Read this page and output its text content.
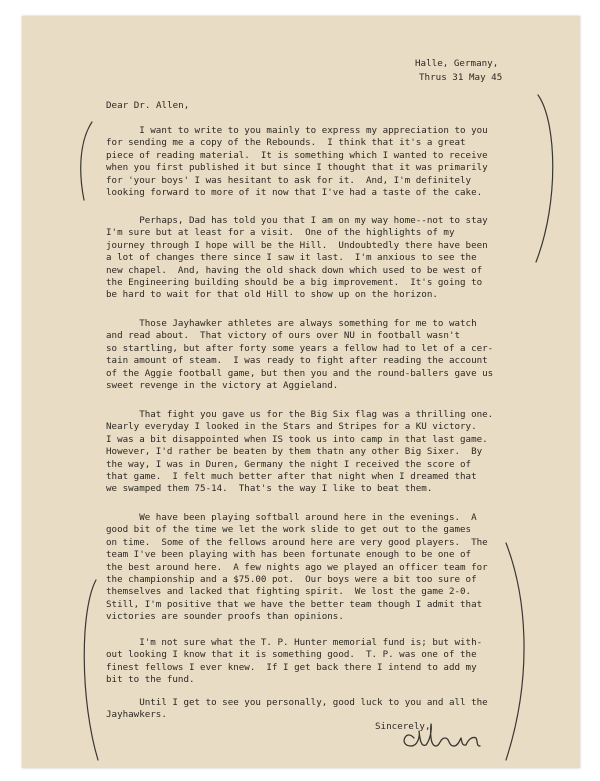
Halle, Germany,
Thrus 31 May 45
Dear Dr. Allen,
I want to write to you mainly to express my appreciation to you
for sending me a copy of the Rebounds.  I think that it's a great
piece of reading material.  It is something which I wanted to receive
when you first published it but since I thought that it was primarily
for 'your boys' I was hesitant to ask for it.  And, I'm definitely
looking forward to more of it now that I've had a taste of the cake.
Perhaps, Dad has told you that I am on my way home--not to stay
I'm sure but at least for a visit.  One of the highlights of my
journey through I hope will be the Hill.  Undoubtedly there have been
a lot of changes there since I saw it last.  I'm anxious to see the
new chapel.  And, having the old shack down which used to be west of
the Engineering building should be a big improvement.  It's going to
be hard to wait for that old Hill to show up on the horizon.
Those Jayhawker athletes are always something for me to watch
and read about.  That victory of ours over NU in football wasn't
so startling, but after forty some years a fellow had to let of a cer-
tain amount of steam.  I was ready to fight after reading the account
of the Aggie football game, but then you and the round-ballers gave us
sweet revenge in the victory at Aggieland.
That fight you gave us for the Big Six flag was a thrilling one.
Nearly everyday I looked in the Stars and Stripes for a KU victory.
I was a bit disappointed when IS took us into camp in that last game.
However, I'd rather be beaten by them thatn any other Big Sixer.  By
the way, I was in Duren, Germany the night I received the score of
that game.  I felt much better after that night when I dreamed that
we swamped them 75-14.  That's the way I like to beat them.
We have been playing softball around here in the evenings.  A
good bit of the time we let the work slide to get out to the games
on time.  Some of the fellows around here are very good players.  The
team I've been playing with has been fortunate enough to be one of
the best around here.  A few nights ago we played an officer team for
the championship and a $75.00 pot.  Our boys were a bit too sure of
themselves and lacked that fighting spirit.  We lost the game 2-0.
Still, I'm positive that we have the better team though I admit that
victories are sounder proofs than opinions.
I'm not sure what the T. P. Hunter memorial fund is; but with-
out looking I know that it is something good.  T. P. was one of the
finest fellows I ever knew.  If I get back there I intend to add my
bit to the fund.
Until I get to see you personally, good luck to you and all the
Jayhawkers.
Sincerely,
